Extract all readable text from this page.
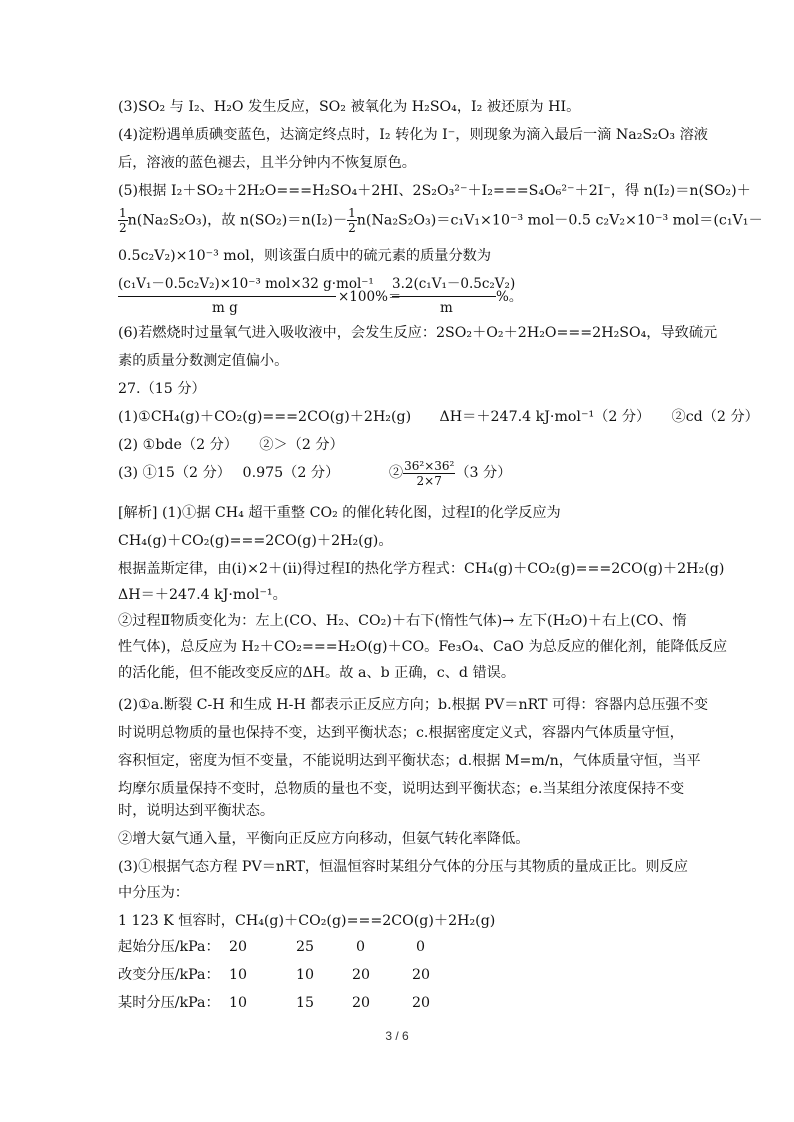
(3)SO₂ 与 I₂、H₂O 发生反应，SO₂ 被氧化为 H₂SO₄，I₂ 被还原为 HI。
(4)淀粉遇单质碘变蓝色，达滴定终点时，I₂ 转化为 I⁻，则现象为滴入最后一滴 Na₂S₂O₃ 溶液
后，溶液的蓝色褪去，且半分钟内不恢复原色。
(5)根据 I₂＋SO₂＋2H₂O===H₂SO₄＋2HI、2S₂O₃²⁻＋I₂===S₄O₆²⁻＋2I⁻，得 n(I₂)＝n(SO₂)＋
$\frac{1}{2} n(Na_2S_2O_3)$，故 $n(SO_2)=n(I_2)- \frac{1}{2} n(Na_2S_2O_3)=c_1V_1\times 10^{-3}$ mol－0.5 c₂V₂×10⁻³ mol＝(c₁V₁－
0.5c₂V₂)×10⁻³ mol，则该蛋白质中的硫元素的质量分数为
(c₁V₁－0.5c₂V₂)×10⁻³ mol×32 g·mol⁻¹
m g
×100%＝
3.2(c₁V₁－0.5c₂V₂)
m
%。
(6)若燃烧时过量氧气进入吸收液中，会发生反应：2SO₂＋O₂＋2H₂O===2H₂SO₄，导致硫元
素的质量分数测定值偏小。
27.（15 分）
(1)①CH₄(g)＋CO₂(g)===2CO(g)＋2H₂(g)　　ΔH＝＋247.4 kJ·mol⁻¹（2 分）　　②cd（2 分）
(2) ①bde（2 分）　　②＞（2 分）
(3) ①15（2 分）　 0.975（2 分）　　　　② $\frac{\text{36²×36²}}{2\times 7} (3$ 分）
[解析] (1)①据 CH₄ 超干重整 CO₂ 的催化转化图，过程Ⅰ的化学反应为
CH₄(g)＋CO₂(g)===2CO(g)＋2H₂(g)。
根据盖斯定律，由(ⅰ)×2＋(ⅱ)得过程Ⅰ的热化学方程式：CH₄(g)＋CO₂(g)===2CO(g)＋2H₂(g)
ΔH＝＋247.4 kJ·mol⁻¹。
②过程Ⅱ物质变化为：左上(CO、H₂、CO₂)＋右下(惰性气体)→ 左下(H₂O)＋右上(CO、惰
性气体)，总反应为 H₂＋CO₂===H₂O(g)＋CO。Fe₃O₄、CaO 为总反应的催化剂，能降低反应
的活化能，但不能改变反应的ΔH。故 a、b 正确，c、d 错误。
(2)①a.断裂 C-H 和生成 H-H 都表示正反应方向；b.根据 PV＝nRT 可得：容器内总压强不变
时说明总物质的量也保持不变，达到平衡状态；c.根据密度定义式，容器内气体质量守恒，
容积恒定，密度为恒不变量，不能说明达到平衡状态；d.根据 M=m/n，气体质量守恒，当平
均摩尔质量保持不变时，总物质的量也不变，说明达到平衡状态；e.当某组分浓度保持不变
时，说明达到平衡状态。
②增大氨气通入量，平衡向正反应方向移动，但氨气转化率降低。
(3)①根据气态方程 PV＝nRT，恒温恒容时某组分气体的分压与其物质的量成正比。则反应
中分压为：
1 123 K 恒容时，CH₄(g)＋CO₂(g)===2CO(g)＋2H₂(g)
起始分压/kPa： 20	25	0	0
改变分压/kPa： 10	10	20	20
某时分压/kPa： 10	15	20	20
3 / 6
